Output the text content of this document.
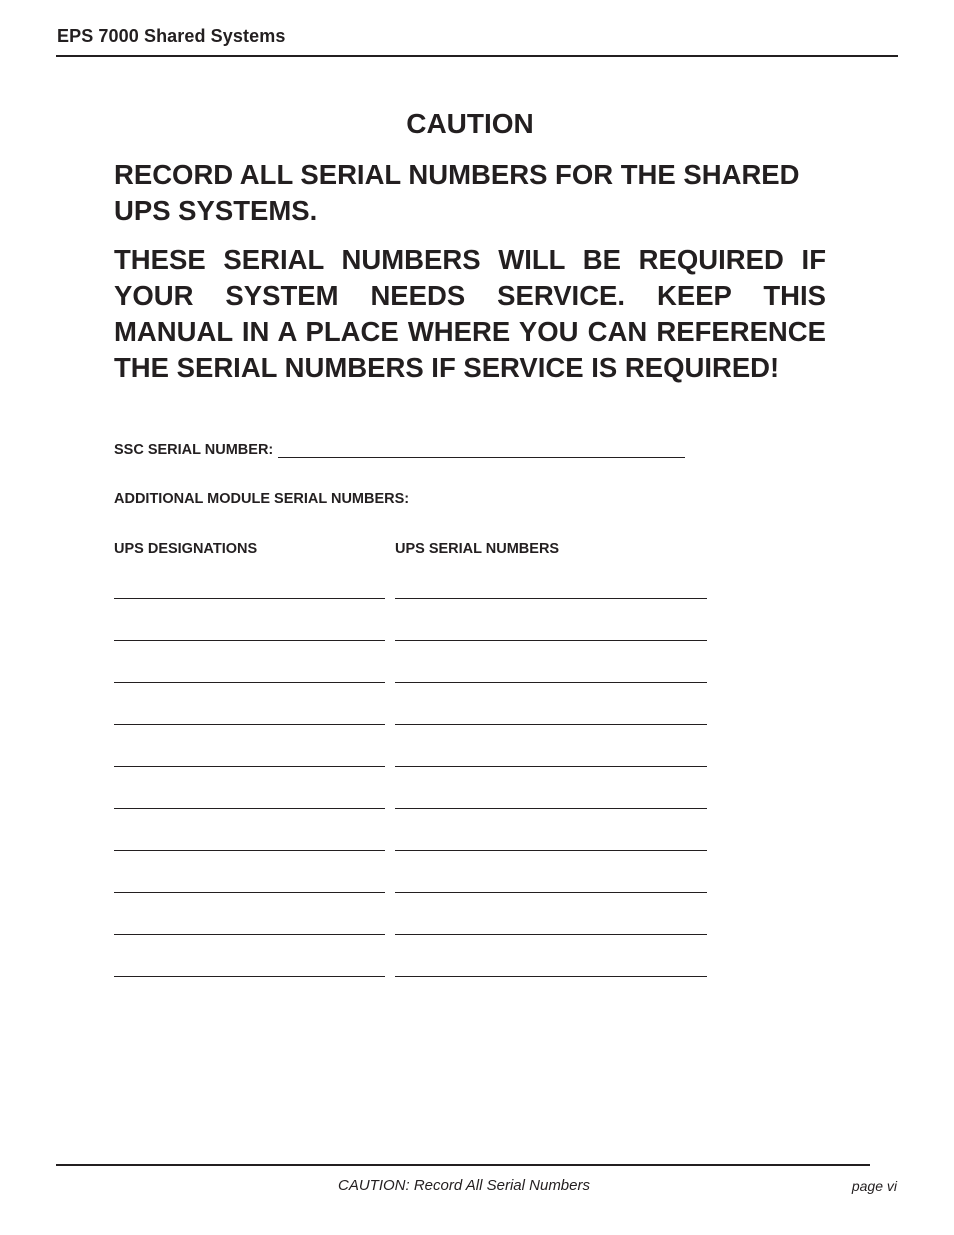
EPS 7000 Shared Systems
CAUTION
RECORD ALL SERIAL NUMBERS FOR THE SHARED UPS SYSTEMS.
THESE SERIAL NUMBERS WILL BE REQUIRED IF YOUR SYSTEM NEEDS SERVICE. KEEP THIS MANUAL IN A PLACE WHERE YOU CAN REFERENCE THE SERIAL NUMBERS IF SERVICE IS REQUIRED!
SSC SERIAL NUMBER:
ADDITIONAL MODULE SERIAL NUMBERS:
UPS DESIGNATIONS	UPS SERIAL NUMBERS
CAUTION: Record All Serial Numbers	page vi
